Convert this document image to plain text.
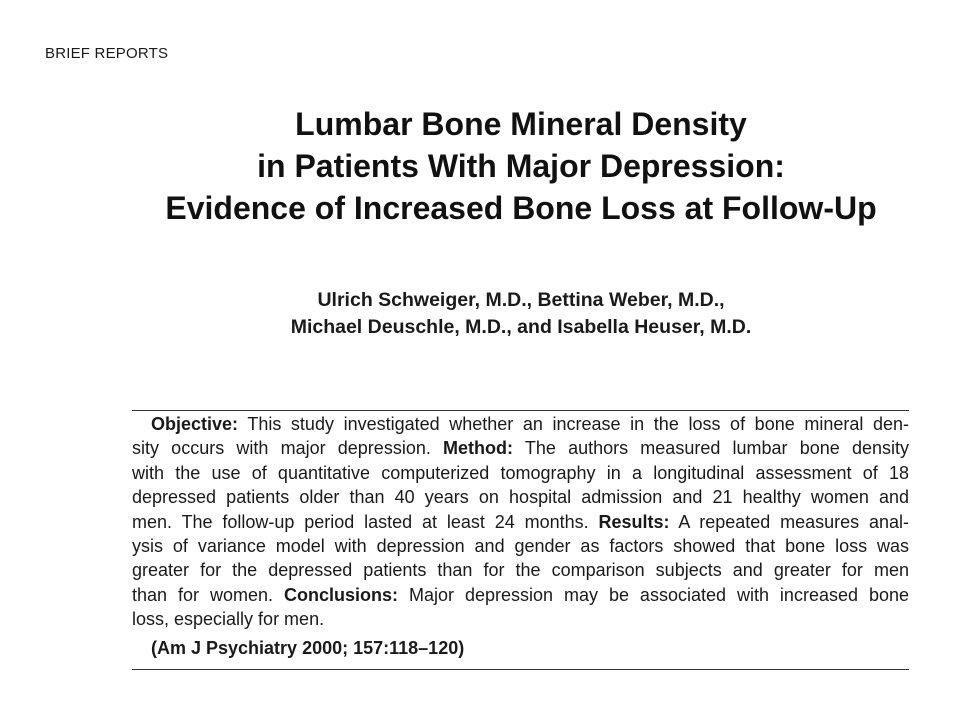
BRIEF REPORTS
Lumbar Bone Mineral Density
in Patients With Major Depression:
Evidence of Increased Bone Loss at Follow-Up
Ulrich Schweiger, M.D., Bettina Weber, M.D.,
Michael Deuschle, M.D., and Isabella Heuser, M.D.
Objective: This study investigated whether an increase in the loss of bone mineral den-
sity occurs with major depression. Method: The authors measured lumbar bone density
with the use of quantitative computerized tomography in a longitudinal assessment of 18
depressed patients older than 40 years on hospital admission and 21 healthy women and
men. The follow-up period lasted at least 24 months. Results: A repeated measures anal-
ysis of variance model with depression and gender as factors showed that bone loss was
greater for the depressed patients than for the comparison subjects and greater for men
than for women. Conclusions: Major depression may be associated with increased bone
loss, especially for men.
(Am J Psychiatry 2000; 157:118–120)
